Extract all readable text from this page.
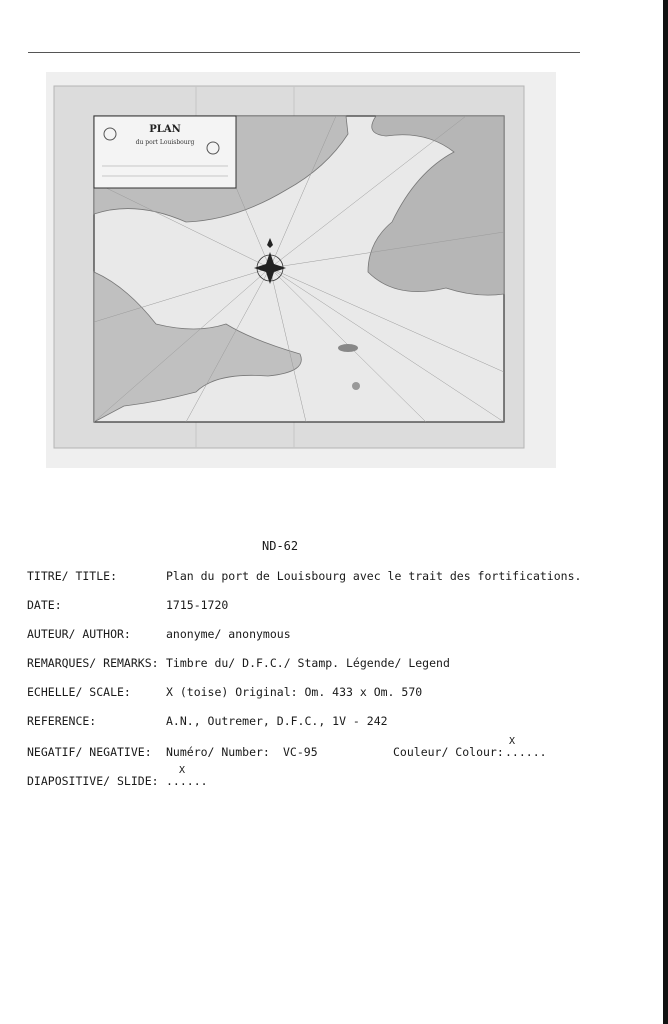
PLAN
du port Louisbourg
ND-62
TITRE/ TITLE:	Plan du port de Louisbourg avec le trait des fortifications.
DATE:	1715-1720
AUTEUR/ AUTHOR:	anonyme/ anonymous
REMARQUES/ REMARKS: Timbre du/ D.F.C./ Stamp. Légende/ Legend
ECHELLE/ SCALE:	X (toise) Original: Om. 433 x Om. 570
REFERENCE:	A.N., Outremer, D.F.C., 1V - 242
NEGATIF/ NEGATIVE: Numéro/ Number: VC-95	Couleur/ Colour: ......
X
DIAPOSITIVE/ SLIDE: ......
X
